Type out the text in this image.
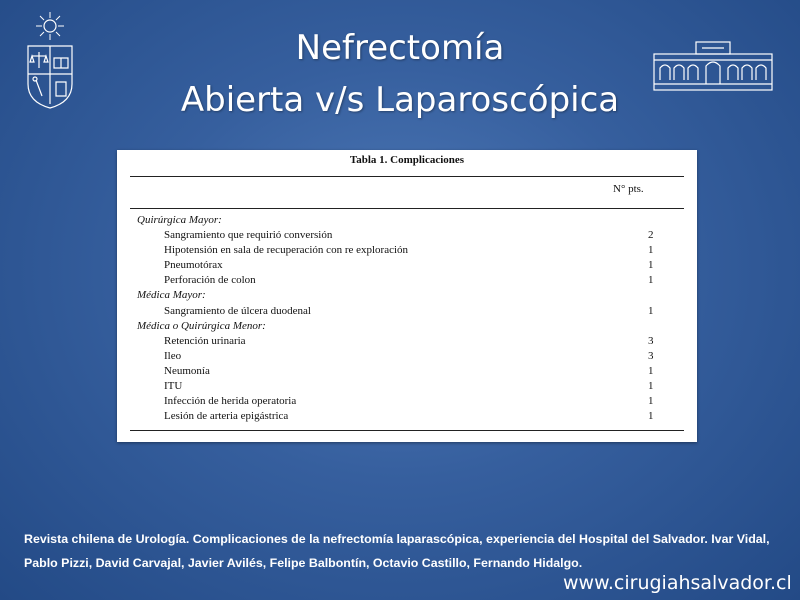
Nefrectomía
Abierta v/s Laparoscópica
Tabla 1. Complicaciones
N° pts.
Quirúrgica Mayor:
Sangramiento que requirió conversión	2
Hipotensión en sala de recuperación con re exploración	1
Pneumotórax	1
Perforación de colon	1
Médica Mayor:
Sangramiento de úlcera duodenal	1
Médica o Quirúrgica Menor:
Retención urinaria	3
Ileo	3
Neumonía	1
ITU	1
Infección de herida operatoria	1
Lesión de arteria epigástrica	1
Revista chilena de Urología. Complicaciones de la nefrectomía laparascópica, experiencia del Hospital del Salvador. Ivar Vidal, Pablo Pizzi, David Carvajal, Javier Avilés, Felipe Balbontín, Octavio Castillo, Fernando Hidalgo.
www.cirugiahsalvador.cl
